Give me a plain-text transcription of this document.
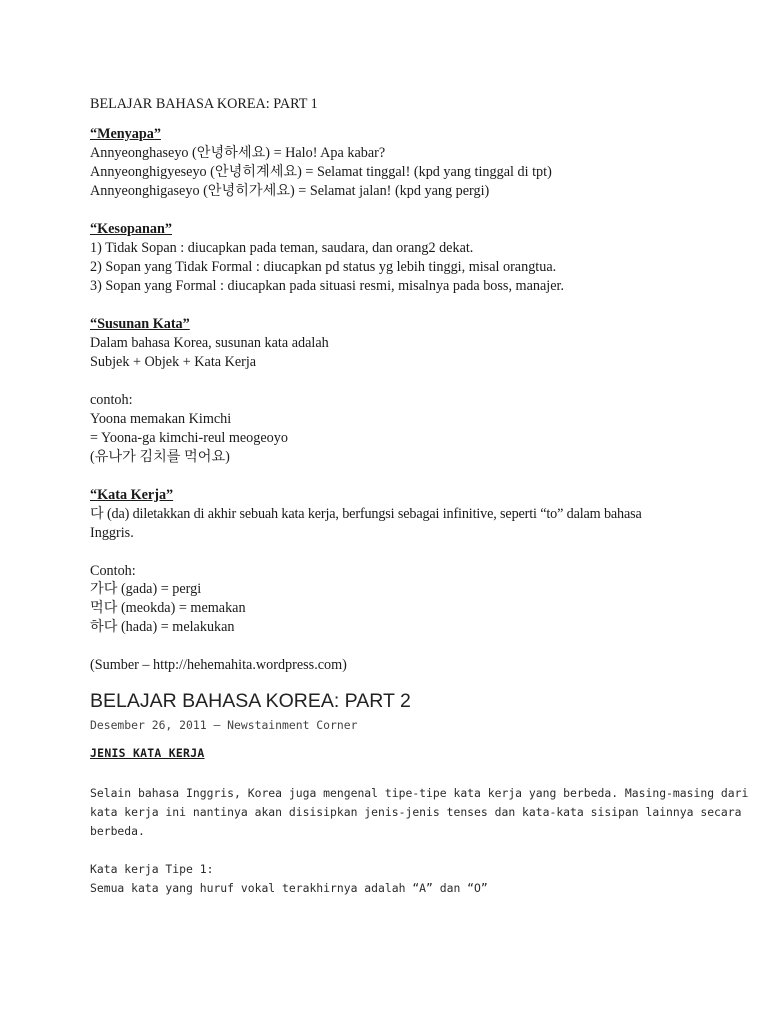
BELAJAR BAHASA KOREA: PART 1
“Menyapa”
Annyeonghaseyo (안녕하세요) = Halo! Apa kabar?
Annyeonghigyeseyo (안녕히계세요) = Selamat tinggal! (kpd yang tinggal di tpt)
Annyeonghigaseyo (안녕히가세요) = Selamat jalan! (kpd yang pergi)
“Kesopanan”
1) Tidak Sopan : diucapkan pada teman, saudara, dan orang2 dekat.
2) Sopan yang Tidak Formal : diucapkan pd status yg lebih tinggi, misal orangtua.
3) Sopan yang Formal : diucapkan pada situasi resmi, misalnya pada boss, manajer.
“Susunan Kata”
Dalam bahasa Korea, susunan kata adalah
Subjek + Objek + Kata Kerja
contoh:
Yoona memakan Kimchi
= Yoona-ga kimchi-reul meogeoyo
(유나가 김치를 먹어요)
“Kata Kerja”
다 (da) diletakkan di akhir sebuah kata kerja, berfungsi sebagai infinitive, seperti “to” dalam bahasa
Inggris.
Contoh:
가다 (gada) = pergi
먹다 (meokda) = memakan
하다 (hada) = melakukan
(Sumber – http://hehemahita.wordpress.com)
BELAJAR BAHASA KOREA: PART 2
Desember 26, 2011 — Newstainment Corner
JENIS KATA KERJA
Selain bahasa Inggris, Korea juga mengenal tipe-tipe kata kerja yang berbeda. Masing-masing dari
kata kerja ini nantinya akan disisipkan jenis-jenis tenses dan kata-kata sisipan lainnya secara
berbeda.
Kata kerja Tipe 1:
Semua kata yang huruf vokal terakhirnya adalah “A” dan “O”
